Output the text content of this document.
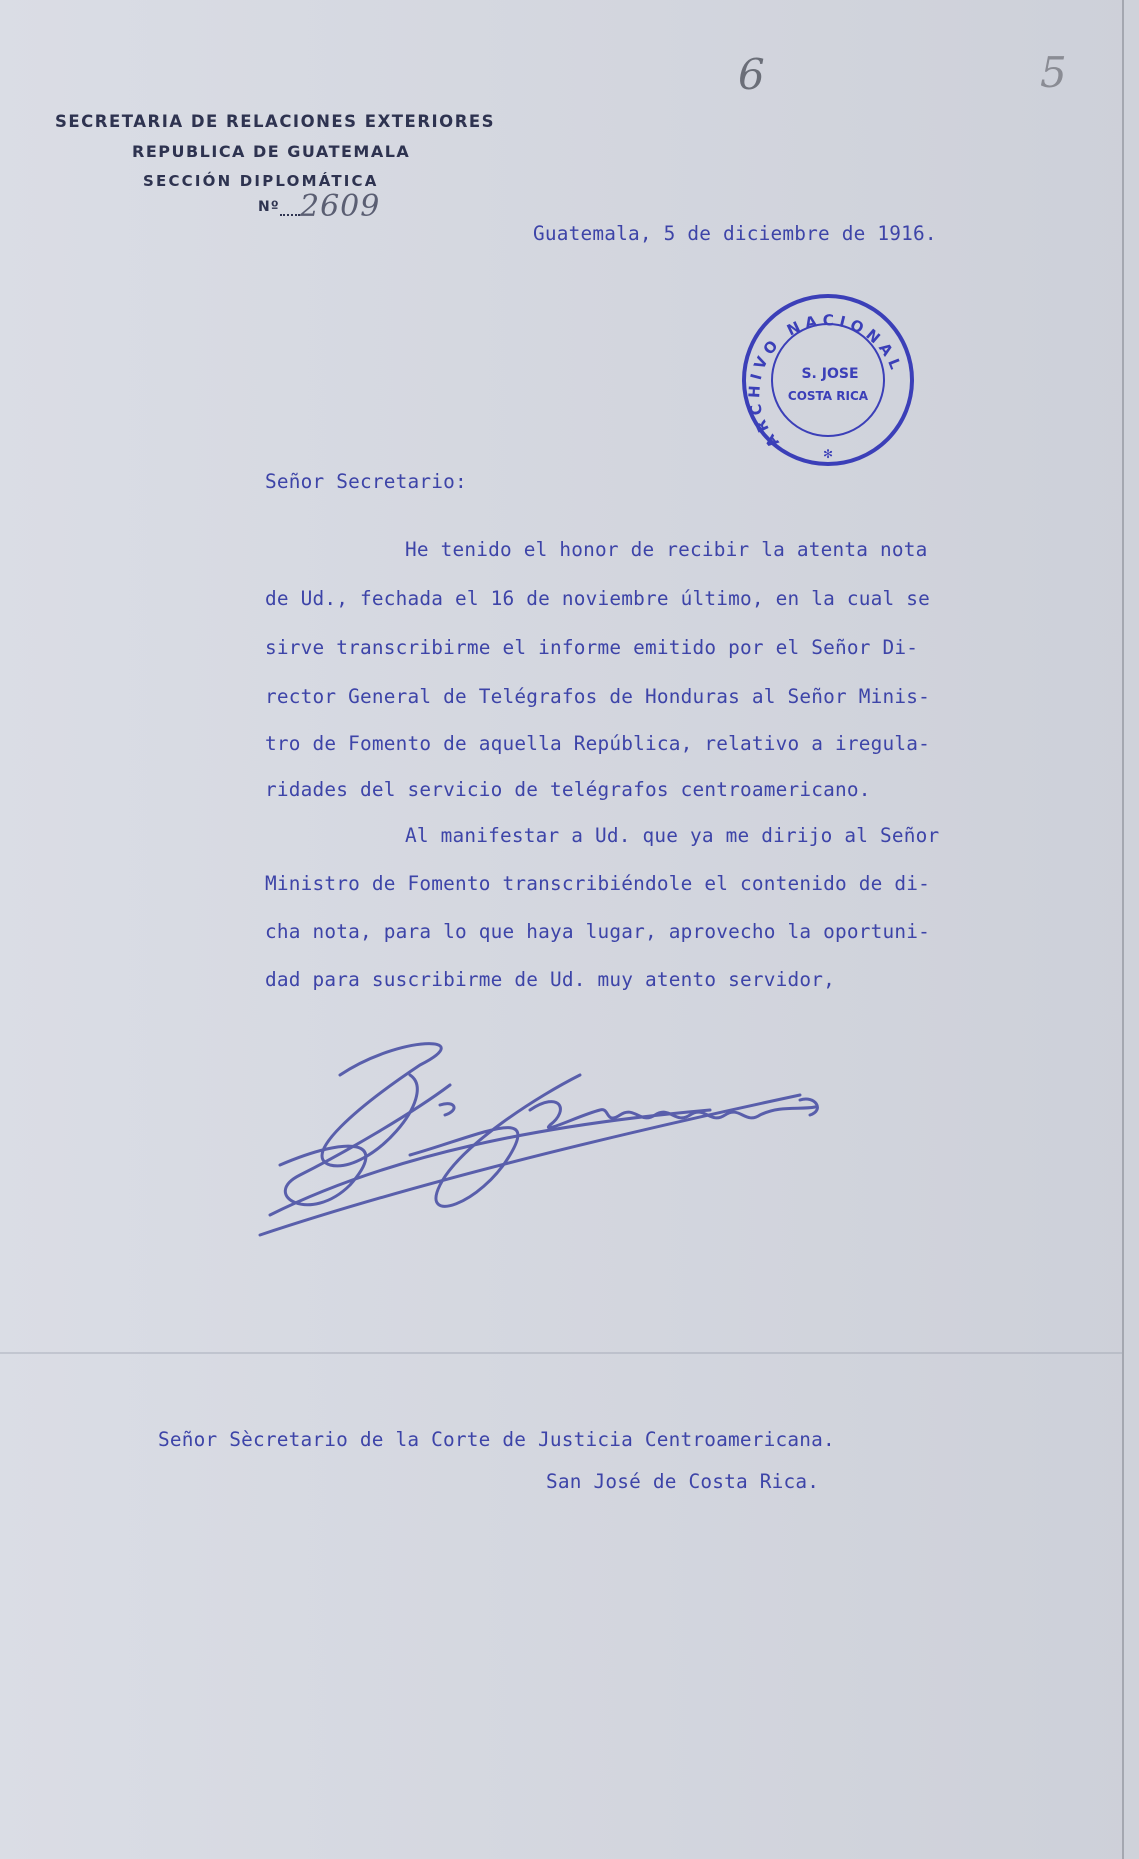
6	5
SECRETARIA DE RELACIONES EXTERIORES
REPUBLICA DE GUATEMALA
SECCIÓN DIPLOMÁTICA
Nº 2609
Guatemala, 5 de diciembre de 1916.
ARCHIVO NACIONAL
S. JOSE
COSTA RICA
✻
Señor Secretario:
He tenido el honor de recibir la atenta nota
de Ud., fechada el 16 de noviembre último, en la cual se
sirve transcribirme el informe emitido por el Señor Di-
rector General de Telégrafos de Honduras al Señor Minis-
tro de Fomento de aquella República, relativo a iregula-
ridades del servicio de telégrafos centroamericano.
Al manifestar a Ud. que ya me dirijo al Señor
Ministro de Fomento transcribiéndole el contenido de di-
cha nota, para lo que haya lugar, aprovecho la oportuni-
dad para suscribirme de Ud. muy atento servidor,
Señor Sècretario de la Corte de Justicia Centroamericana.
San José de Costa Rica.
